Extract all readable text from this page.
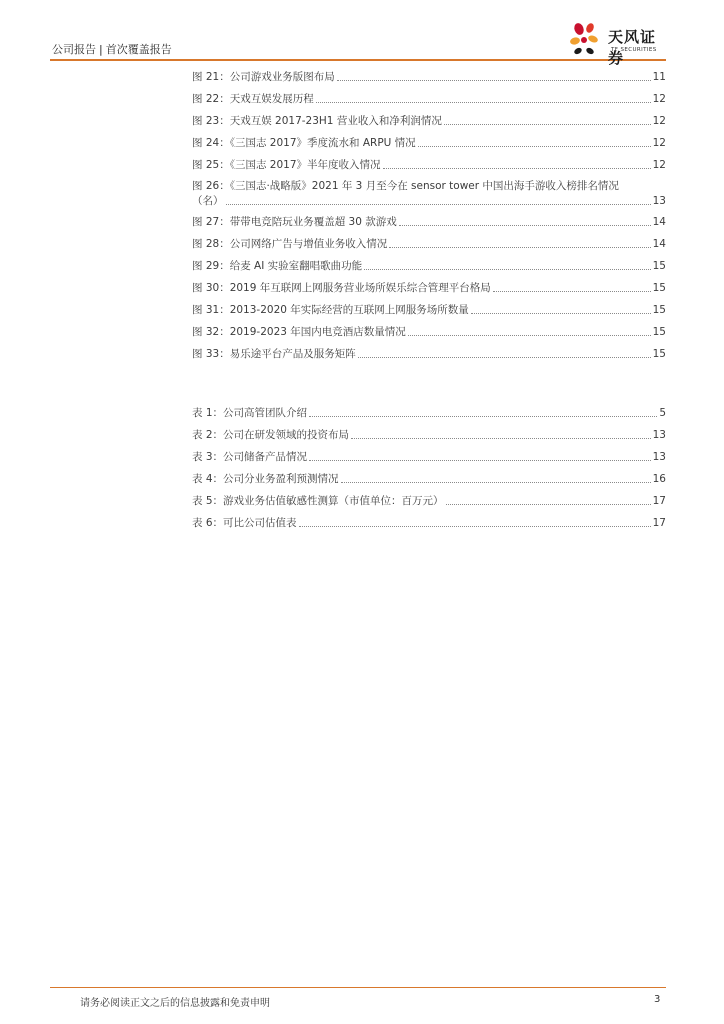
公司报告 | 首次覆盖报告
天风证券
TF SECURITIES
图 21：公司游戏业务版图布局	11
图 22：天戏互娱发展历程	12
图 23：天戏互娱 2017-23H1 营业收入和净利润情况	12
图 24：《三国志 2017》季度流水和 ARPU 情况	12
图 25：《三国志 2017》半年度收入情况	12
图 26：《三国志·战略版》2021 年 3 月至今在 sensor tower 中国出海手游收入榜排名情况
（名）	13
图 27：带带电竞陪玩业务覆盖超 30 款游戏	14
图 28：公司网络广告与增值业务收入情况	14
图 29：给麦 AI 实验室翻唱歌曲功能	15
图 30：2019 年互联网上网服务营业场所娱乐综合管理平台格局	15
图 31：2013-2020 年实际经营的互联网上网服务场所数量	15
图 32：2019-2023 年国内电竞酒店数量情况	15
图 33：易乐途平台产品及服务矩阵	15
表 1：公司高管团队介绍	5
表 2：公司在研发领域的投资布局	13
表 3：公司储备产品情况	13
表 4：公司分业务盈利预测情况	16
表 5：游戏业务估值敏感性测算（市值单位：百万元）	17
表 6：可比公司估值表	17
请务必阅读正文之后的信息披露和免责申明	3
